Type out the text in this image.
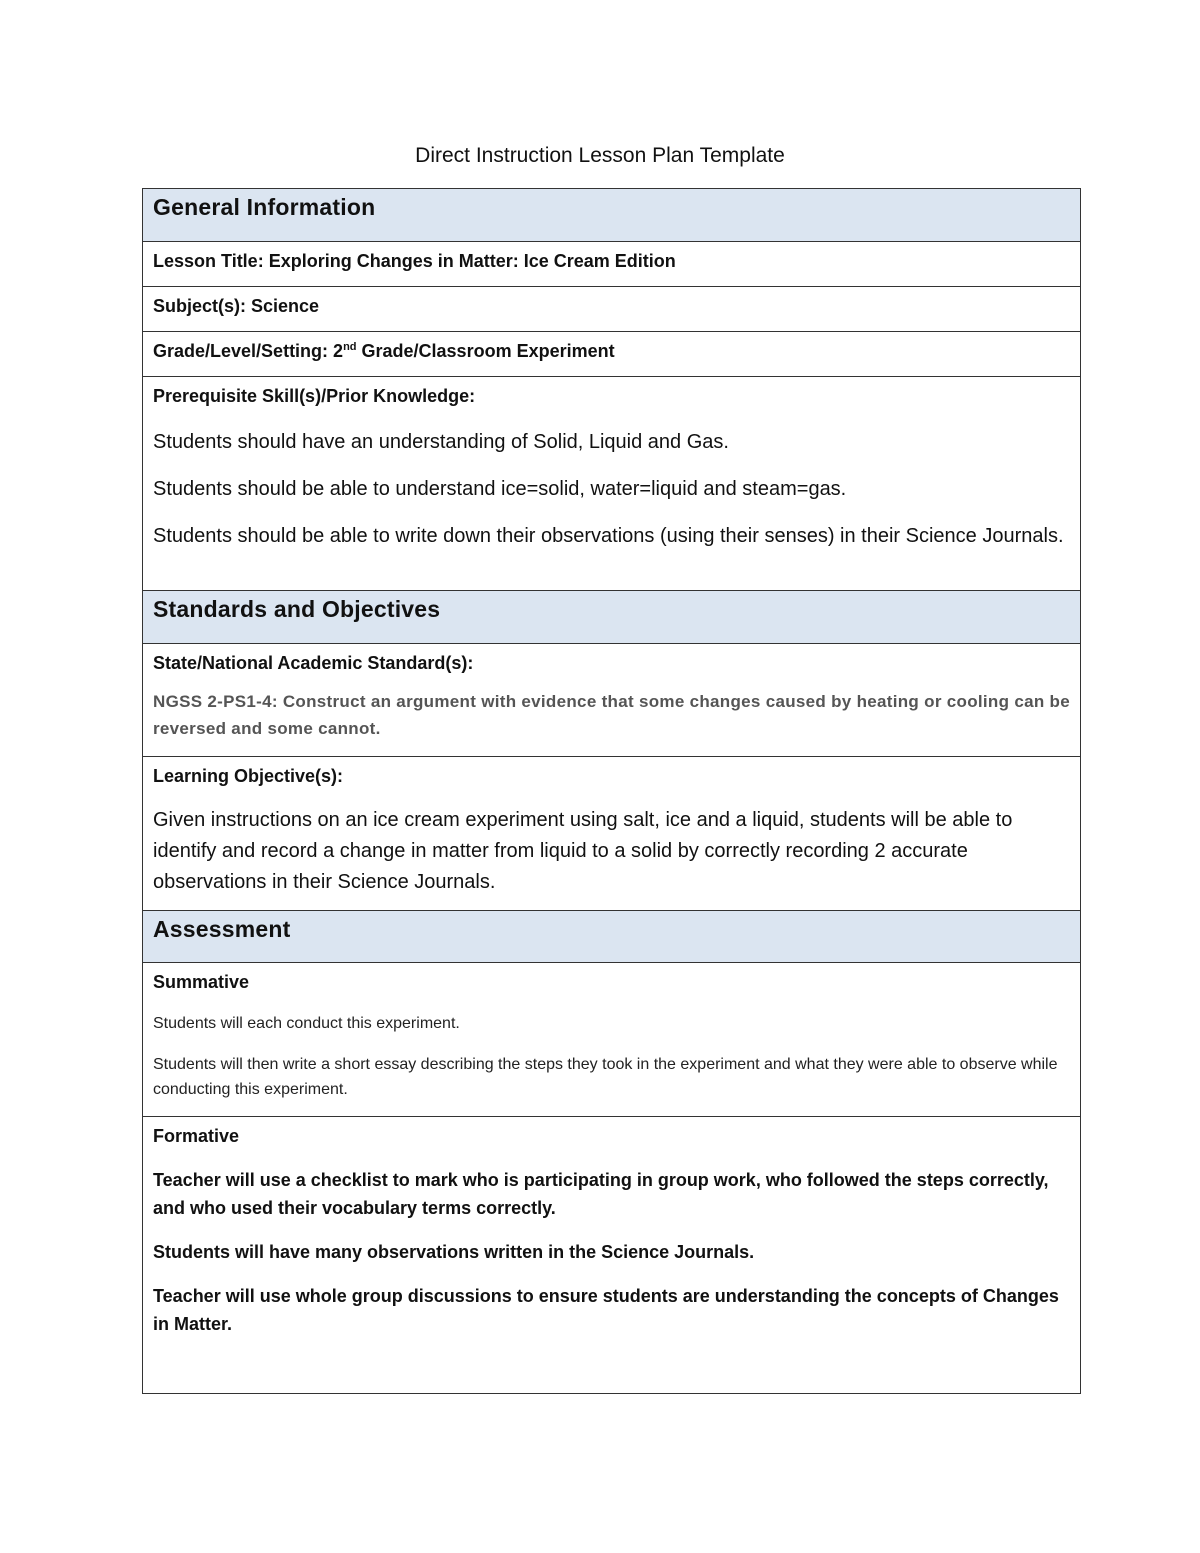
Direct Instruction Lesson Plan Template
General Information
Lesson Title: Exploring Changes in Matter: Ice Cream Edition
Subject(s): Science
Grade/Level/Setting: 2nd Grade/Classroom Experiment
Prerequisite Skill(s)/Prior Knowledge:

Students should have an understanding of Solid, Liquid and Gas.

Students should be able to understand ice=solid, water=liquid and steam=gas.

Students should be able to write down their observations (using their senses) in their Science Journals.

Standards and Objectives
State/National Academic Standard(s):
NGSS 2-PS1-4: Construct an argument with evidence that some changes caused by heating or cooling can be reversed and some cannot.
Learning Objective(s):

Given instructions on an ice cream experiment using salt, ice and a liquid, students will be able to identify and record a change in matter from liquid to a solid by correctly recording 2 accurate observations in their Science Journals.

Assessment
Summative
Students will each conduct this experiment.
Students will then write a short essay describing the steps they took in the experiment and what they were able to observe while conducting this experiment.
Formative
Teacher will use a checklist to mark who is participating in group work, who followed the steps correctly, and who used their vocabulary terms correctly.
Students will have many observations written in the Science Journals.
Teacher will use whole group discussions to ensure students are understanding the concepts of Changes in Matter.
